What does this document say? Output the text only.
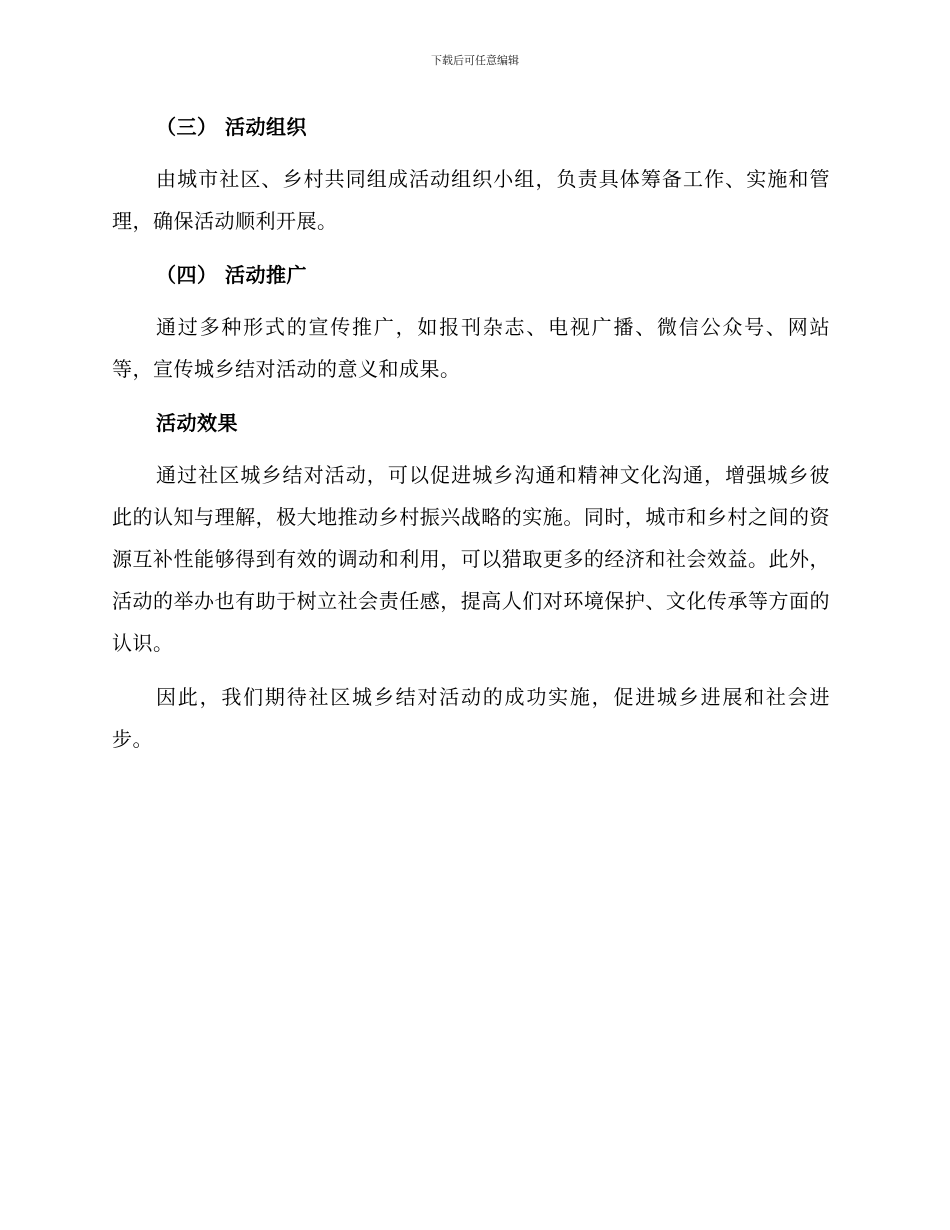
下载后可任意编辑
（三） 活动组织

由城市社区、乡村共同组成活动组织小组，负责具体筹备工作、实施和管理，确保活动顺利开展。

（四） 活动推广

通过多种形式的宣传推广，如报刊杂志、电视广播、微信公众号、网站等，宣传城乡结对活动的意义和成果。

活动效果

通过社区城乡结对活动，可以促进城乡沟通和精神文化沟通，增强城乡彼此的认知与理解，极大地推动乡村振兴战略的实施。同时，城市和乡村之间的资源互补性能够得到有效的调动和利用，可以猎取更多的经济和社会效益。此外，活动的举办也有助于树立社会责任感，提高人们对环境保护、文化传承等方面的认识。

因此，我们期待社区城乡结对活动的成功实施，促进城乡进展和社会进步。
